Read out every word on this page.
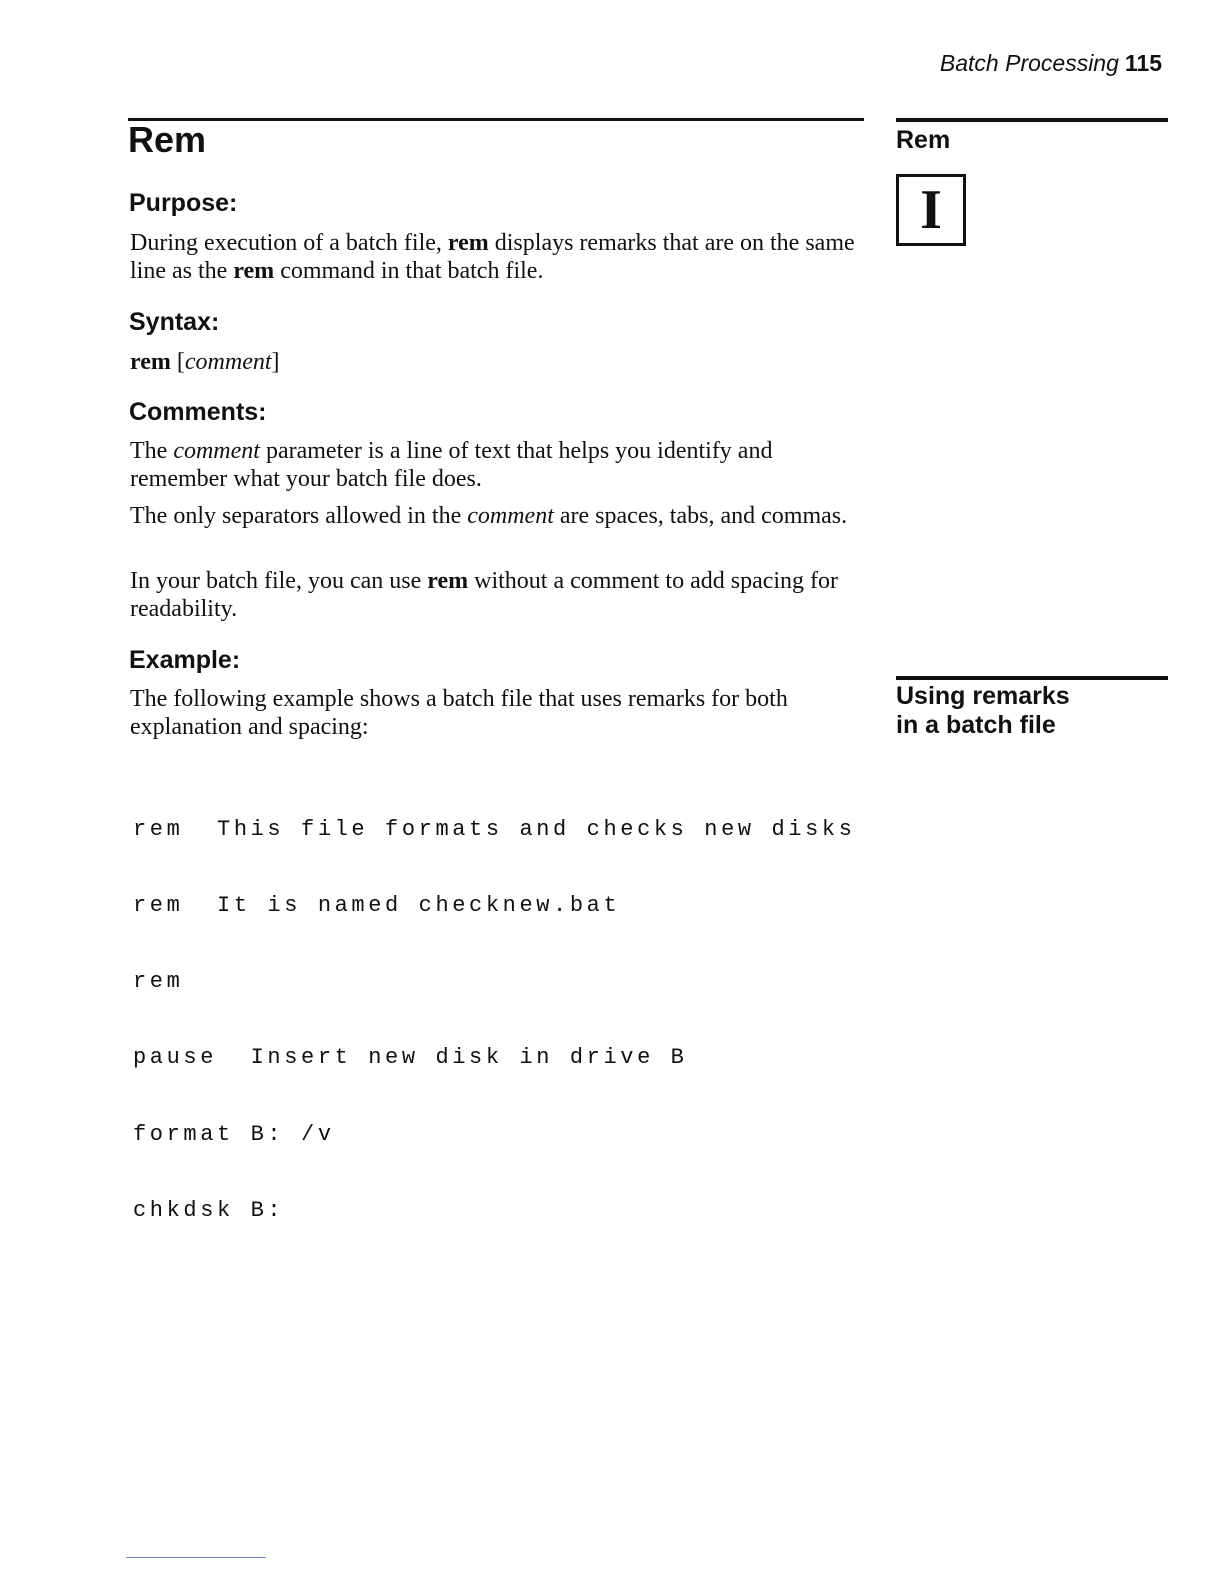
Batch Processing 115
Rem	Rem
I
Using remarks
in a batch file
Purpose:
During execution of a batch file, rem displays remarks that are on the same line as the rem command in that batch file.
Syntax:
rem [comment]
Comments:
The comment parameter is a line of text that helps you identify and remember what your batch file does.
The only separators allowed in the comment are spaces, tabs, and commas.
In your batch file, you can use rem without a comment to add spacing for readability.
Example:
The following example shows a batch file that uses remarks for both explanation and spacing:

rem  This file formats and checks new disks

rem  It is named checknew.bat

rem

pause  Insert new disk in drive B

format B: /v

chkdsk B:
